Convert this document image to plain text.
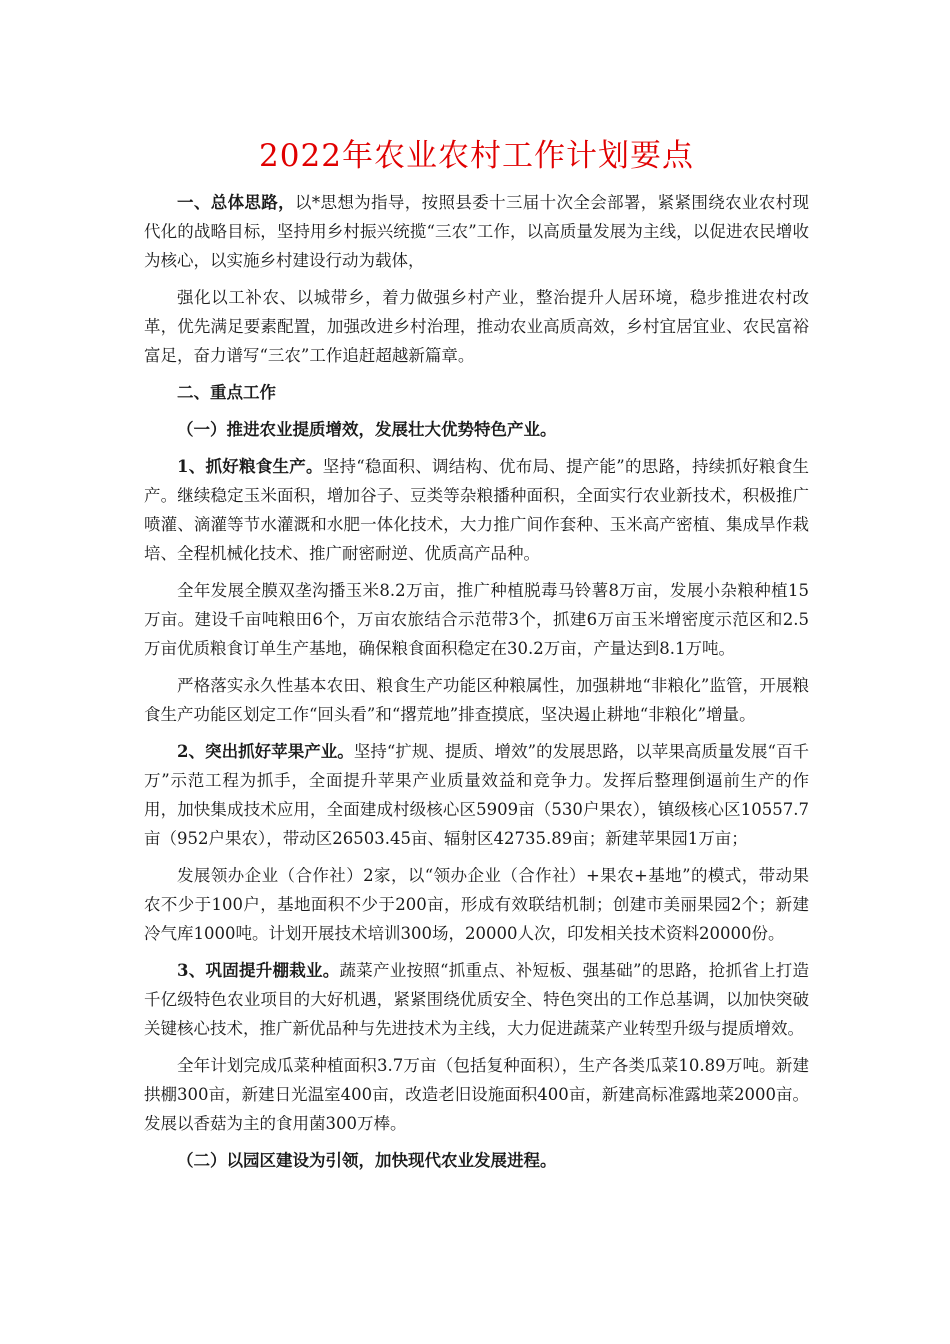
2022年农业农村工作计划要点

一、总体思路，以*思想为指导，按照县委十三届十次全会部署，紧紧围绕农业农村现代化的战略目标，坚持用乡村振兴统揽“三农”工作，以高质量发展为主线，以促进农民增收为核心，以实施乡村建设行动为载体，

强化以工补农、以城带乡，着力做强乡村产业，整治提升人居环境，稳步推进农村改革，优先满足要素配置，加强改进乡村治理，推动农业高质高效，乡村宜居宜业、农民富裕富足，奋力谱写“三农”工作追赶超越新篇章。

二、重点工作

（一）推进农业提质增效，发展壮大优势特色产业。

1、抓好粮食生产。坚持“稳面积、调结构、优布局、提产能”的思路，持续抓好粮食生产。继续稳定玉米面积，增加谷子、豆类等杂粮播种面积，全面实行农业新技术，积极推广喷灌、滴灌等节水灌溉和水肥一体化技术，大力推广间作套种、玉米高产密植、集成旱作栽培、全程机械化技术、推广耐密耐逆、优质高产品种。

全年发展全膜双垄沟播玉米8.2万亩，推广种植脱毒马铃薯8万亩，发展小杂粮种植15万亩。建设千亩吨粮田6个，万亩农旅结合示范带3个，抓建6万亩玉米增密度示范区和2.5万亩优质粮食订单生产基地，确保粮食面积稳定在30.2万亩，产量达到8.1万吨。

严格落实永久性基本农田、粮食生产功能区种粮属性，加强耕地“非粮化”监管，开展粮食生产功能区划定工作“回头看”和“撂荒地”排查摸底，坚决遏止耕地“非粮化”增量。

2、突出抓好苹果产业。坚持“扩规、提质、增效”的发展思路，以苹果高质量发展“百千万”示范工程为抓手，全面提升苹果产业质量效益和竞争力。发挥后整理倒逼前生产的作用，加快集成技术应用，全面建成村级核心区5909亩（530户果农），镇级核心区10557.7亩（952户果农），带动区26503.45亩、辐射区42735.89亩；新建苹果园1万亩；

发展领办企业（合作社）2家，以“领办企业（合作社）+果农+基地”的模式，带动果农不少于100户，基地面积不少于200亩，形成有效联结机制；创建市美丽果园2个；新建冷气库1000吨。计划开展技术培训300场，20000人次，印发相关技术资料20000份。

3、巩固提升棚栽业。蔬菜产业按照“抓重点、补短板、强基础”的思路，抢抓省上打造千亿级特色农业项目的大好机遇，紧紧围绕优质安全、特色突出的工作总基调，以加快突破关键核心技术，推广新优品种与先进技术为主线，大力促进蔬菜产业转型升级与提质增效。

全年计划完成瓜菜种植面积3.7万亩（包括复种面积），生产各类瓜菜10.89万吨。新建拱棚300亩，新建日光温室400亩，改造老旧设施面积400亩，新建高标准露地菜2000亩。发展以香菇为主的食用菌300万棒。

（二）以园区建设为引领，加快现代农业发展进程。
